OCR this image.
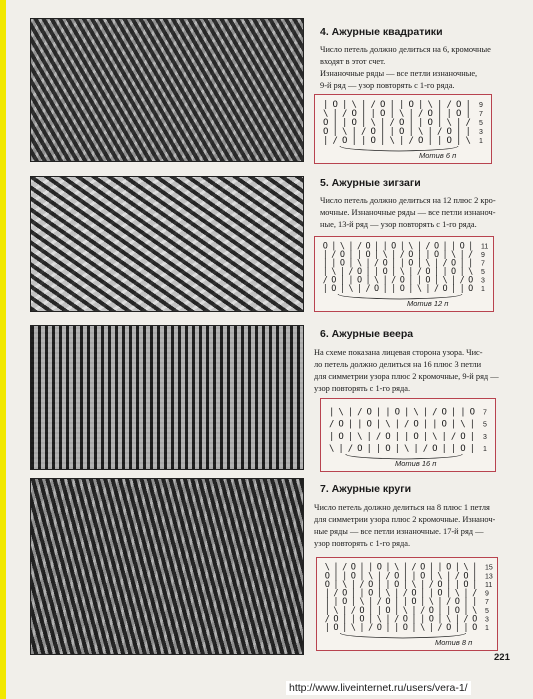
4. Ажурные квадратики
Число петель должно делиться на 6, кромочные
входят в этот счет.
Изнаночные ряды — все петли изнаночные,
9-й ряд — узор повторять с 1-го ряда.
| O | \ | / O | | O | \ | / O | 9
\ | / O | | O | \ | / O | | O | 7
O | | O | \ | / O | | O | \ | / 5
O | \ | / O | | O | \ | / O | | 3
| / O | | O | \ | / O | | O | \ 1
Мотив 6 п
5. Ажурные зигзаги
Число петель должно делиться на 12 плюс 2 кро-
мочные. Изнаночные ряды — все петли изнаноч-
ные, 13-й ряд — узор повторять с 1-го ряда.
O | \ | / O | | O | \ | / O | | O | 11
| / O | | O | \ | / O | | O | \ | / 9
| | O | \ | / O | | O | \ | / O | | 7
| \ | / O | | O | \ | / O | | O | \ 5
/ O | | O | \ | / O | | O | \ | / O 3
| O | \ | / O | | O | \ | / O | | O 1
Мотив 12 п
6. Ажурные веера
На схеме показана лицевая сторона узора. Чис-
ло петель должно делиться на 16 плюс 3 петли
для симметрии узора плюс 2 кромочные, 9-й ряд —
узор повторять с 1-го ряда.
| \ | / O | | O | \ | / O | | O 7
/ O | | O | \ | / O | | O | \ | 5
| O | \ | / O | | O | \ | / O | 3
\ | / O | | O | \ | / O | | O | 1
Мотив 16 п
7. Ажурные круги
Число петель должно делиться на 8 плюс 1 петля
для симметрии узора плюс 2 кромочные. Изнаноч-
ные ряды — все петли изнаночные. 17-й ряд —
узор повторять с 1-го ряда.
\ | / O | | O | \ | / O | | O | \ | 15
O | | O | \ | / O | | O | \ | / O | 13
O | \ | / O | | O | \ | / O | | O | 11
| / O | | O | \ | / O | | O | \ | / 9
| | O | \ | / O | | O | \ | / O | | 7
| \ | / O | | O | \ | / O | | O | \ 5
/ O | | O | \ | / O | | O | \ | / O 3
| O | \ | / O | | O | \ | / O | | O 1
Мотив 8 п
221
http://www.liveinternet.ru/users/vera-1/
